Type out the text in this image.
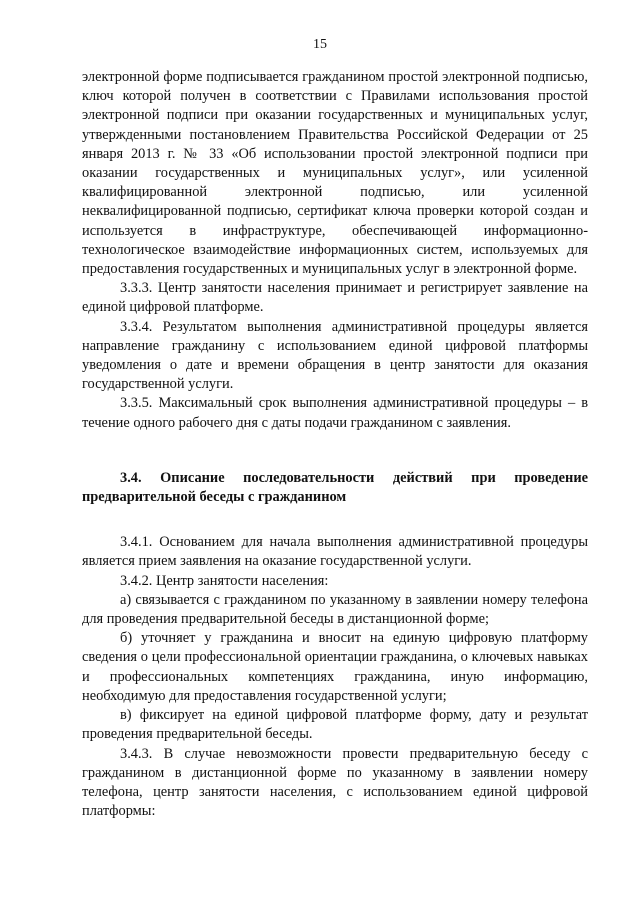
15

электронной форме подписывается гражданином простой электронной подписью, ключ которой получен в соответствии с Правилами использования простой электронной подписи при оказании государственных и муниципальных услуг, утвержденными постановлением Правительства Российской Федерации от 25 января 2013 г. № 33 «Об использовании простой электронной подписи при оказании государственных и муниципальных услуг», или усиленной квалифицированной электронной подписью, или усиленной неквалифицированной подписью, сертификат ключа проверки которой создан и используется в инфраструктуре, обеспечивающей информационно-технологическое взаимодействие информационных систем, используемых для предоставления государственных и муниципальных услуг в электронной форме.

3.3.3. Центр занятости населения принимает и регистрирует заявление на единой цифровой платформе.

3.3.4. Результатом выполнения административной процедуры является направление гражданину с использованием единой цифровой платформы уведомления о дате и времени обращения в центр занятости для оказания государственной услуги.

3.3.5. Максимальный срок выполнения административной процедуры – в течение одного рабочего дня с даты подачи гражданином с заявления.

3.4. Описание последовательности действий при проведение предварительной беседы с гражданином

3.4.1. Основанием для начала выполнения административной процедуры является прием заявления на оказание государственной услуги.

3.4.2. Центр занятости населения:

а) связывается с гражданином по указанному в заявлении номеру телефона для проведения предварительной беседы в дистанционной форме;

б) уточняет у гражданина и вносит на единую цифровую платформу сведения о цели профессиональной ориентации гражданина, о ключевых навыках и профессиональных компетенциях гражданина, иную информацию, необходимую для предоставления государственной услуги;

в) фиксирует на единой цифровой платформе форму, дату и результат проведения предварительной беседы.

3.4.3. В случае невозможности провести предварительную беседу с гражданином в дистанционной форме по указанному в заявлении номеру телефона, центр занятости населения, с использованием единой цифровой платформы:
